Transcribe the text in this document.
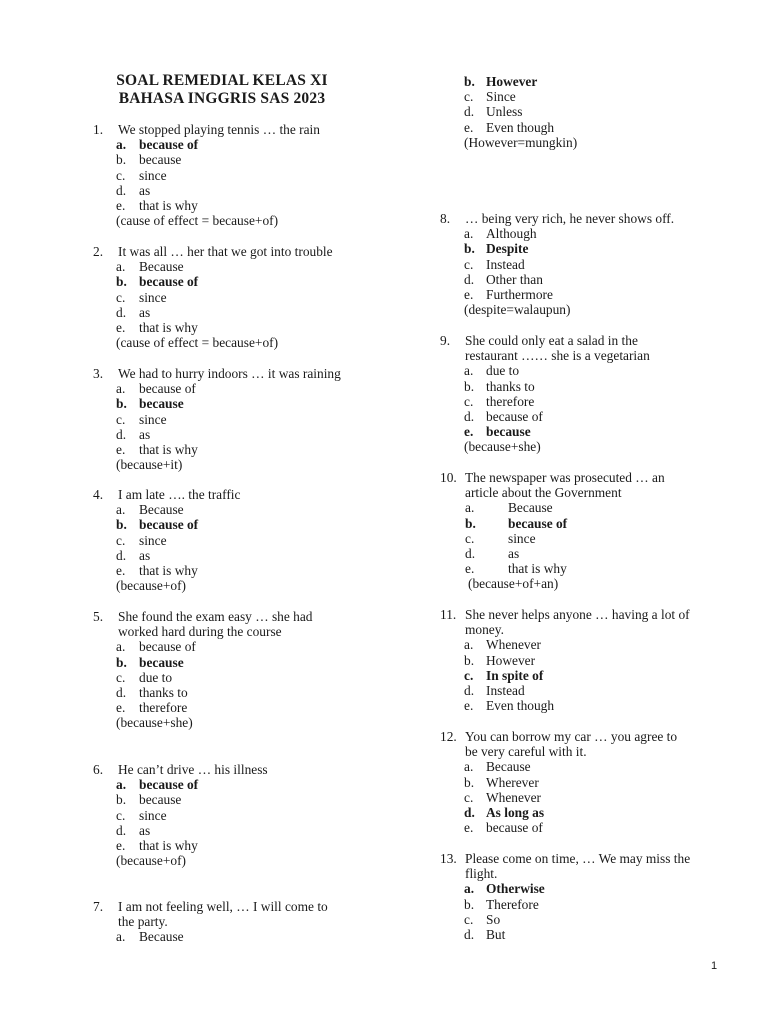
SOAL REMEDIAL KELAS XI
BAHASA INGGRIS SAS 2023
1. We stopped playing tennis … the rain
a. because of
b. because
c. since
d. as
e. that is why
(cause of effect = because+of)
2. It was all … her that we got into trouble
a. Because
b. because of
c. since
d. as
e. that is why
(cause of effect = because+of)
3. We had to hurry indoors … it was raining
a. because of
b. because
c. since
d. as
e. that is why
(because+it)
4. I am late …. the traffic
a. Because
b. because of
c. since
d. as
e. that is why
(because+of)
5. She found the exam easy … she had
worked hard during the course
a. because of
b. because
c. due to
d. thanks to
e. therefore
(because+she)
6. He can’t drive … his illness
a. because of
b. because
c. since
d. as
e. that is why
(because+of)
7. I am not feeling well, … I will come to
the party.
a. Because
b. However
c. Since
d. Unless
e. Even though
(However=mungkin)
8. … being very rich, he never shows off.
a. Although
b. Despite
c. Instead
d. Other than
e. Furthermore
(despite=walaupun)
9. She could only eat a salad in the
restaurant …… she is a vegetarian
a. due to
b. thanks to
c. therefore
d. because of
e. because
(because+she)
10. The newspaper was prosecuted … an
article about the Government
a.	Because
b. because of
c.	since
d. as
e.	that is why
(because+of+an)
11. She never helps anyone … having a lot of
money.
a. Whenever
b. However
c. In spite of
d. Instead
e. Even though
12. You can borrow my car … you agree to
be very careful with it.
a. Because
b. Wherever
c. Whenever
d. As long as
e. because of
13. Please come on time, … We may miss the
flight.
a. Otherwise
b. Therefore
c. So
d. But
1
